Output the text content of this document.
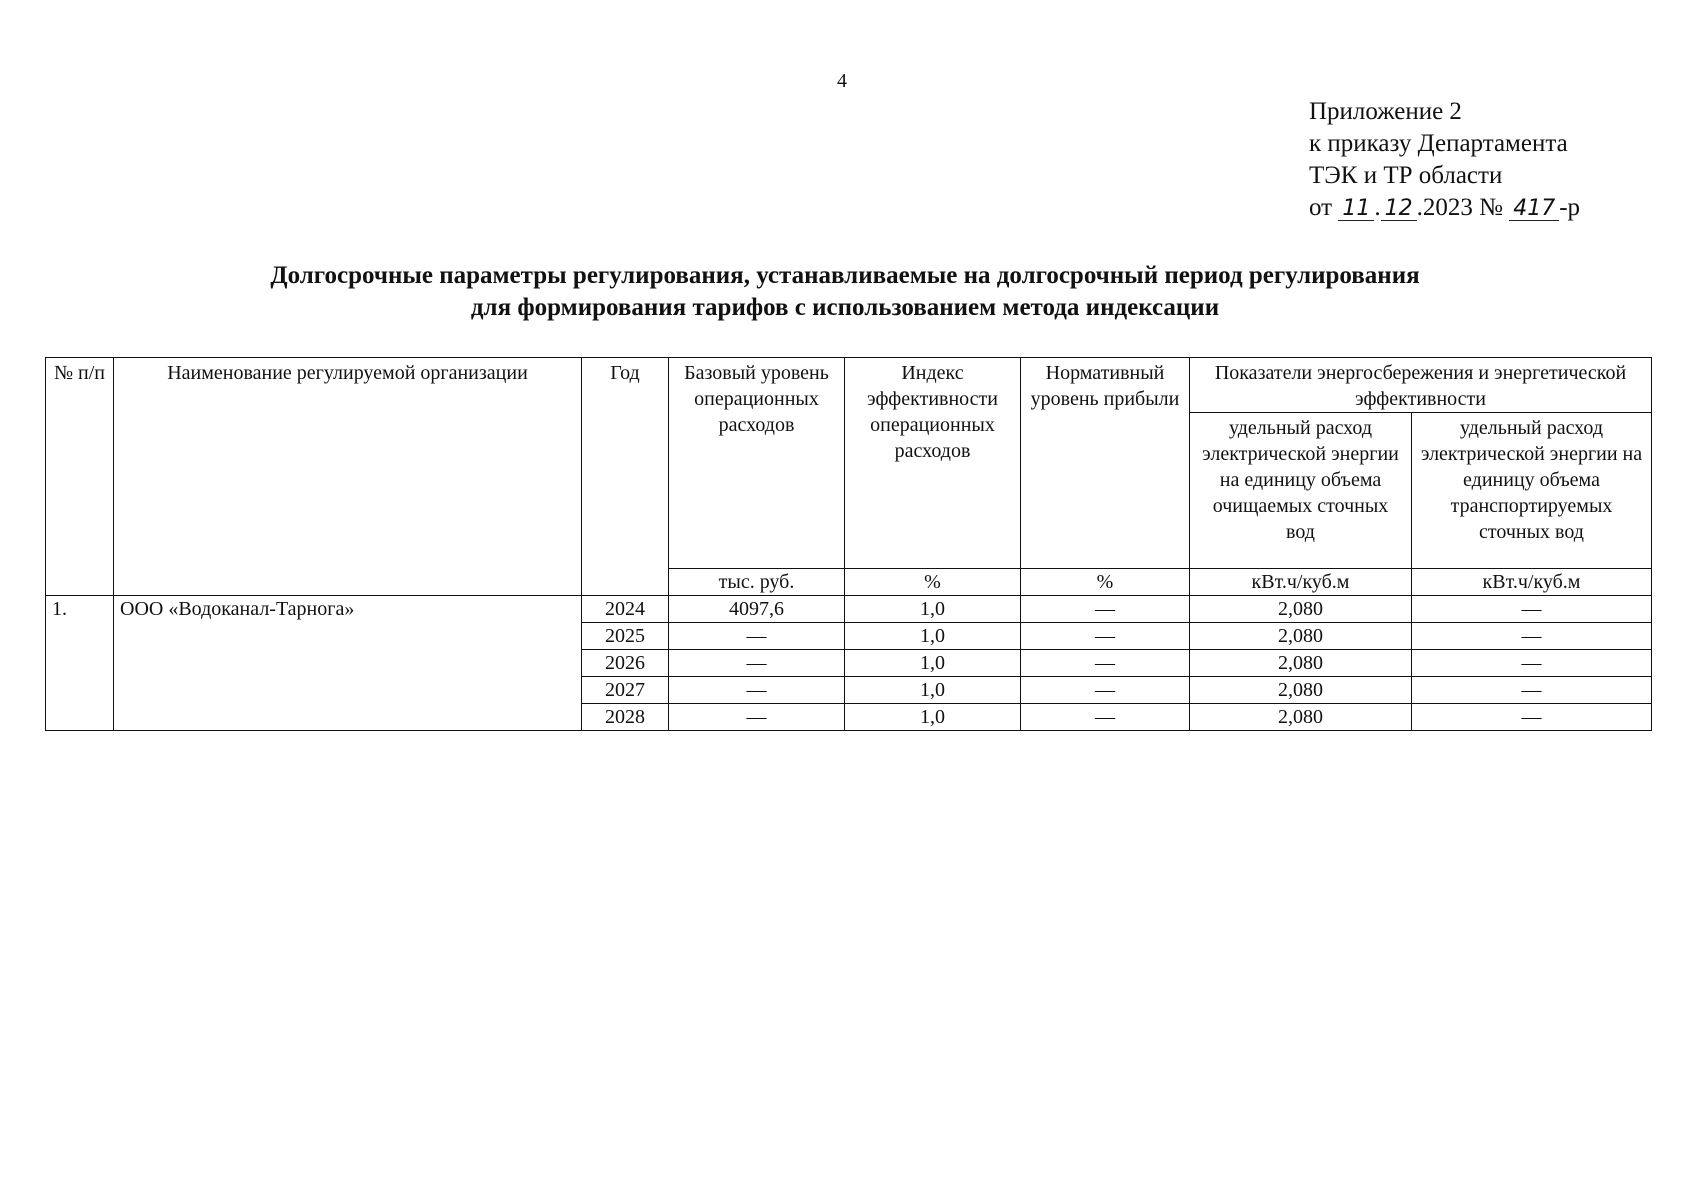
4
Приложение 2
к приказу Департамента
ТЭК и ТР области
от 11 . 12 .2023 № 417 -р
Долгосрочные параметры регулирования, устанавливаемые на долгосрочный период регулирования
для формирования тарифов с использованием метода индексации
№ п/п	Наименование регулируемой организации	Год	Базовый уровень операционных расходов	Индекс эффективности операционных расходов	Нормативный уровень прибыли	Показатели энергосбережения и энергетической эффективности	
						удельный расход электрической энергии на единицу объема очищаемых сточных вод	удельный расход электрической энергии на единицу объема транспортируемых сточных вод
			тыс. руб.	%	%	кВт.ч/куб.м	кВт.ч/куб.м
1.	ООО «Водоканал-Тарнога»	2024	4097,6	1,0	—	2,080	—
		2025	—	1,0	—	2,080	—
		2026	—	1,0	—	2,080	—
		2027	—	1,0	—	2,080	—
		2028	—	1,0	—	2,080	—
